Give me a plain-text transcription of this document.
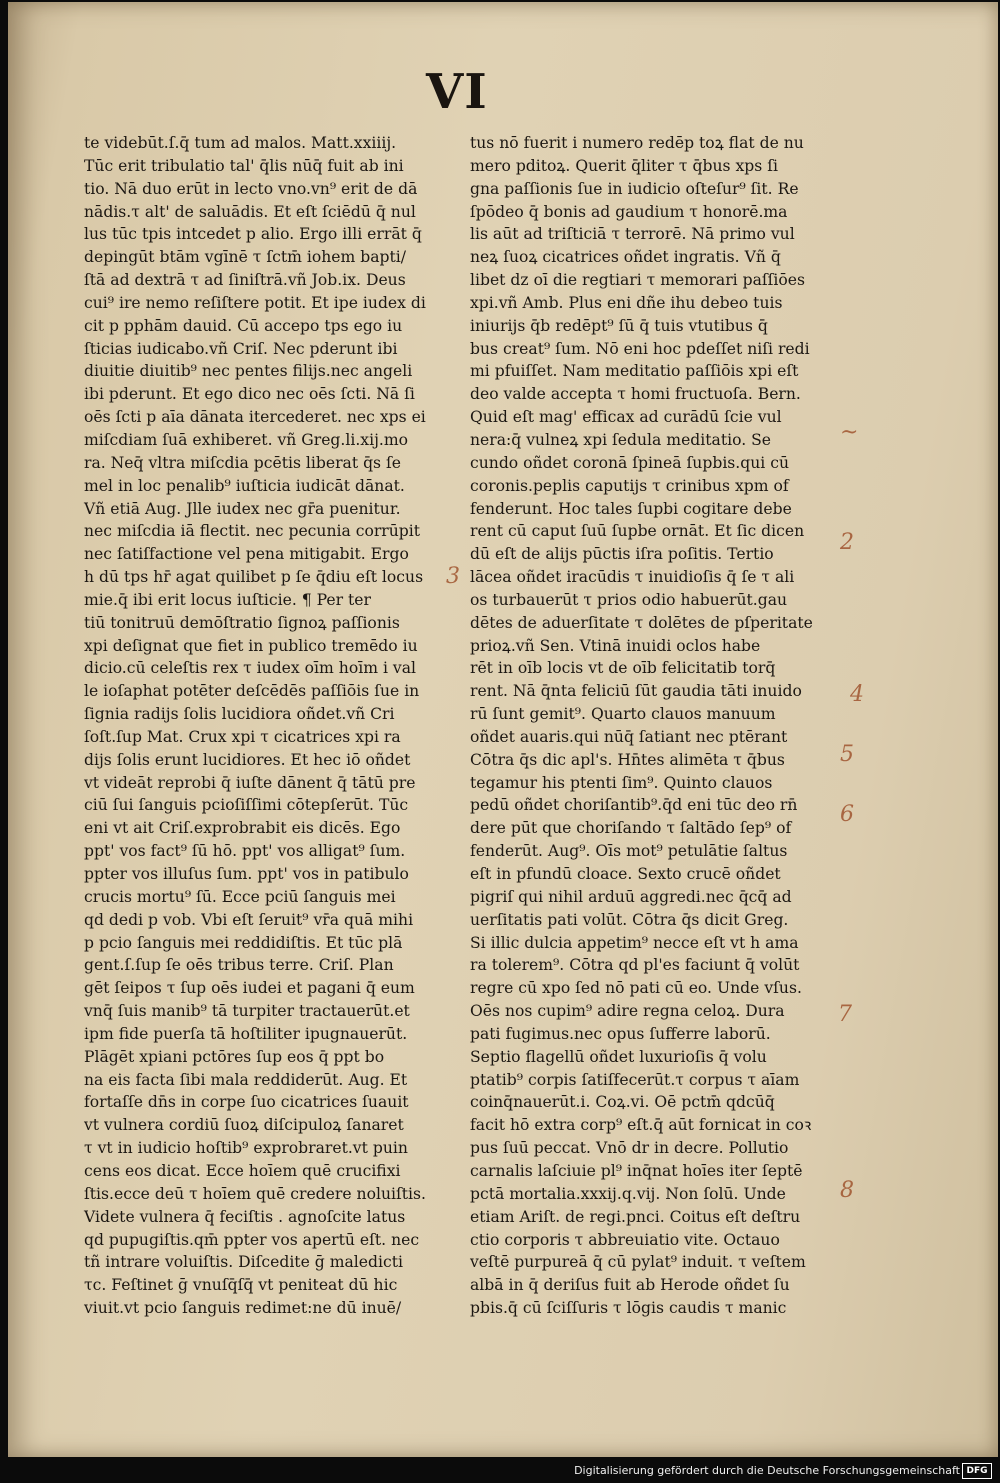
VI
te videbūt.ſ.q̄ tum ad malos. Matt.xxiiij.
Tūc erit tribulatio tal' q̄lis nūq̄ fuit ab ini
tio. Nā duo erūt in lecto vno.vn⁹ erit de dā
nādis.τ alt' de saluādis. Et eſt ſciēdū q̄ nul
lus tūc tpis intcedet p alio. Ergo illi errāt q̄
depingūt btām vgīnē τ ſctm̄ iohem bapti/
ſtā ad dextrā τ ad ſiniſtrā.vñ Job.ix. Deus
cui⁹ ire nemo reſiſtere potit. Et ipe iudex di
cit p pphām dauid. Cū accepo tps ego iu
ſticias iudicabo.vñ Criſ. Nec pderunt ibi
diuitie diuitib⁹ nec pentes filijs.nec angeli
ibi pderunt. Et ego dico nec oēs ſcti. Nā ſi
oēs ſcti p aīa dānata itercederet. nec xps ei
miſcdiam ſuā exhiberet. vñ Greg.li.xij.mo
ra. Neq̄ vltra miſcdia pcētis liberat q̄s ſe
mel in loc penalib⁹ iuſticia iudicāt dānat.
Vñ etiā Aug. Jlle iudex nec gr̄a puenitur.
nec miſcdia iā flectit. nec pecunia corrūpit
nec ſatiſfactione vel pena mitigabit. Ergo
h dū tps hr̄ agat quilibet p ſe q̄diu eſt locus
mie.q̄ ibi erit locus iuſticie. ¶ Per ter
tiū tonitruū demōſtratio ſignoꝝ paſſionis
xpi deſignat que fiet in publico tremēdo iu
dicio.cū celeſtis rex τ iudex oīm hoīm i val
le ioſaphat potēter deſcēdēs paſſiōis ſue in
ſignia radijs ſolis lucidiora oñdet.vñ Cri
ſoſt.ſup Mat. Crux xpi τ cicatrices xpi ra
dijs ſolis erunt lucidiores. Et hec iō oñdet
vt videāt reprobi q̄ iuſte dānent q̄ tātū pre
ciū ſui ſanguis pcioſiſſimi cōtepſerūt. Tūc
eni vt ait Criſ.exprobrabit eis dicēs. Ego
ppt' vos fact⁹ ſū hō. ppt' vos alligat⁹ ſum.
ppter vos illuſus ſum. ppt' vos in patibulo
crucis mortu⁹ ſū. Ecce pciū ſanguis mei
qd dedi p vob. Vbi eſt ſeruit⁹ vr̄a quā mihi
p pcio ſanguis mei reddidiſtis. Et tūc plā
gent.ſ.ſup ſe oēs tribus terre. Criſ. Plan
gēt ſeipos τ ſup oēs iudei et pagani q̄ eum
vnq̄ ſuis manib⁹ tā turpiter tractauerūt.et
ipm fide puerſa tā hoſtiliter ipugnauerūt.
Plāgēt xpiani pctōres ſup eos q̄ ppt bo
na eis facta ſibi mala reddiderūt. Aug. Et
fortaſſe dn̄s in corpe ſuo cicatrices ſuauit
vt vulnera cordiū ſuoꝝ diſcipuloꝝ ſanaret
τ vt in iudicio hoſtib⁹ exprobraret.vt puin
cens eos dicat. Ecce hoīem quē crucifixi
ſtis.ecce deū τ hoīem quē credere noluiſtis.
Videte vulnera q̄ feciſtis . agnoſcite latus
qd pupugiſtis.qm̄ ppter vos apertū eſt. nec
tñ intrare voluiſtis. Diſcedite ḡ maledicti
τc. Feſtinet ḡ vnuſq̄ſq̄ vt peniteat dū hic
viuit.vt pcio ſanguis redimet:ne dū inuē/
tus nō fuerit i numero redēp toꝝ flat de nu
mero pditoꝝ. Querit q̄liter τ q̄bus xps ſi
gna paſſionis ſue in iudicio oſteſur⁹ ſit. Re
ſpōdeo q̄ bonis ad gaudium τ honorē.ma
lis aūt ad triſticiā τ terrorē. Nā primo vul
neꝝ ſuoꝝ cicatrices oñdet ingratis. Vñ q̄
libet dz oī die regtiari τ memorari paſſiōes
xpi.vñ Amb. Plus eni dñe ihu debeo tuis
iniurijs q̄b redēpt⁹ ſū q̄ tuis vtutibus q̄
bus creat⁹ ſum. Nō eni hoc pdeſſet niſi redi
mi pfuiſſet. Nam meditatio paſſiōis xpi eſt
deo valde accepta τ homi fructuoſa. Bern.
Quid eſt mag' efficax ad curādū ſcie vul
nera:q̄ vulneꝝ xpi ſedula meditatio. Se
cundo oñdet coronā ſpineā ſupbis.qui cū
coronis.peplis caputijs τ crinibus xpm of
fenderunt. Hoc tales ſupbi cogitare debe
rent cū caput ſuū ſupbe ornāt. Et ſic dicen
dū eſt de alijs pūctis iſra poſitis. Tertio
lācea oñdet iracūdis τ inuidioſis q̄ ſe τ ali
os turbauerūt τ prios odio habuerūt.gau
dētes de aduerſitate τ dolētes de pſperitate
prioꝝ.vñ Sen. Vtinā inuidi oclos habe
rēt in oīb locis vt de oīb felicitatib torq̄
rent. Nā q̄nta feliciū ſūt gaudia tāti inuido
rū ſunt gemit⁹. Quarto clauos manuum
oñdet auaris.qui nūq̄ ſatiant nec ptērant
Cōtra q̄s dic apl's. Hn̄tes alimēta τ q̄bus
tegamur his ptenti ſim⁹. Quinto clauos
pedū oñdet choriſantib⁹.q̄d eni tūc deo rn̄
dere pūt que choriſando τ ſaltādo ſep⁹ of
fenderūt. Aug⁹. Oīs mot⁹ petulātie ſaltus
eſt in pfundū cloace. Sexto crucē oñdet
pigriſ qui nihil arduū aggredi.nec q̄cq̄ ad
uerſitatis pati volūt. Cōtra q̄s dicit Greg.
Si illic dulcia appetim⁹ necce eſt vt h ama
ra tolerem⁹. Cōtra qd pl'es faciunt q̄ volūt
regre cū xpo ſed nō pati cū eo. Unde vſus.
Oēs nos cupim⁹ adire regna celoꝝ. Dura
pati fugimus.nec opus ſufferre laborū.
Septio flagellū oñdet luxurioſis q̄ volu
ptatib⁹ corpis ſatiſfecerūt.τ corpus τ aīam
coinq̄nauerūt.i. Coꝝ.vi. Oē pctm̄ qdcūq̄
facit hō extra corp⁹ eſt.q̄ aūt fornicat in coꝛ
pus ſuū peccat. Vnō dr in decre. Pollutio
carnalis laſciuie pl⁹ inq̄nat hoīes iter ſeptē
pctā mortalia.xxxij.q.vij. Non ſolū. Unde
etiam Ariſt. de regi.pnci. Coitus eſt deſtru
ctio corporis τ abbreuiatio vite. Octauo
veſtē purpureā q̄ cū pylat⁹ induit. τ veſtem
albā in q̄ deriſus fuit ab Herode oñdet ſu
pbis.q̄ cū ſciſſuris τ lōgis caudis τ manic
~
2
3
4
5
6
7
8
Digitalisierung gefördert durch die Deutsche Forschungsgemeinschaft DFG
